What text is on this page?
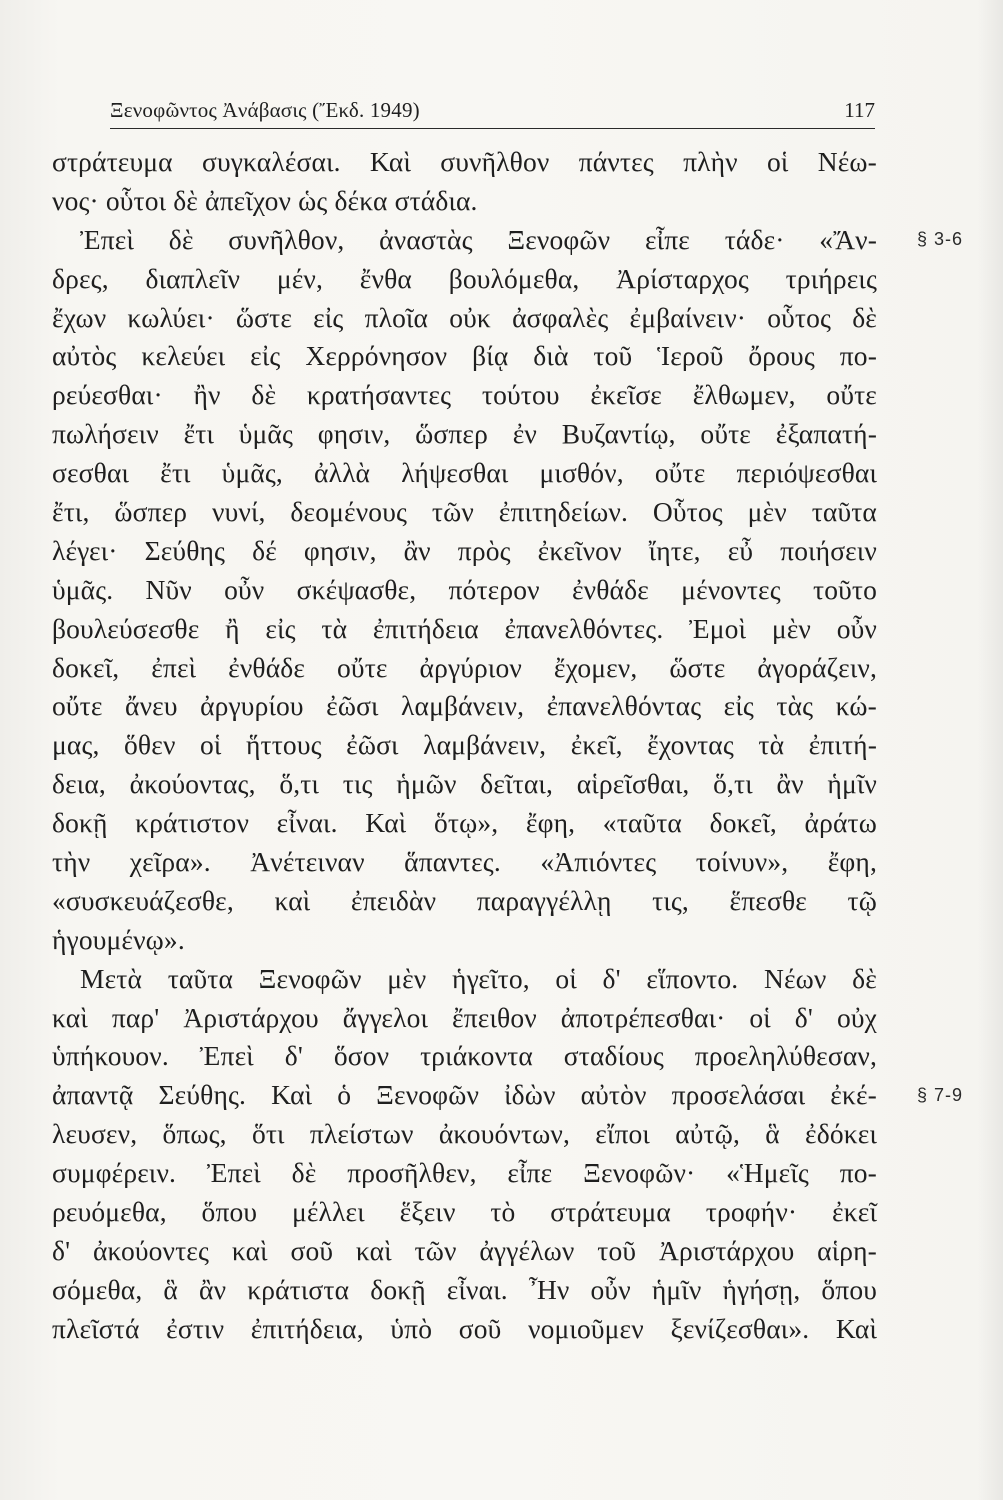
Ξενοφῶντος Ἀνάβασις (Ἔκδ. 1949)	117
στράτευμα συγκαλέσαι. Καὶ συνῆλθον πάντες πλὴν οἱ Νέω-
νος· οὗτοι δὲ ἀπεῖχον ὡς δέκα στάδια.
Ἐπεὶ δὲ συνῆλθον, ἀναστὰς Ξενοφῶν εἶπε τάδε· «Ἄν-
δρες, διαπλεῖν μέν, ἔνθα βουλόμεθα, Ἀρίσταρχος τριήρεις
ἔχων κωλύει· ὥστε εἰς πλοῖα οὐκ ἀσφαλὲς ἐμβαίνειν· οὗτος δὲ
αὐτὸς κελεύει εἰς Χερρόνησον βίᾳ διὰ τοῦ Ἱεροῦ ὄρους πο-
ρεύεσθαι· ἢν δὲ κρατήσαντες τούτου ἐκεῖσε ἔλθωμεν, οὔτε
πωλήσειν ἔτι ὑμᾶς φησιν, ὥσπερ ἐν Βυζαντίῳ, οὔτε ἐξαπατή-
σεσθαι ἔτι ὑμᾶς, ἀλλὰ λήψεσθαι μισθόν, οὔτε περιόψεσθαι
ἔτι, ὥσπερ νυνί, δεομένους τῶν ἐπιτηδείων. Οὗτος μὲν ταῦτα
λέγει· Σεύθης δέ φησιν, ἂν πρὸς ἐκεῖνον ἴητε, εὖ ποιήσειν
ὑμᾶς. Νῦν οὖν σκέψασθε, πότερον ἐνθάδε μένοντες τοῦτο
βουλεύσεσθε ἢ εἰς τὰ ἐπιτήδεια ἐπανελθόντες. Ἐμοὶ μὲν οὖν
δοκεῖ, ἐπεὶ ἐνθάδε οὔτε ἀργύριον ἔχομεν, ὥστε ἀγοράζειν,
οὔτε ἄνευ ἀργυρίου ἐῶσι λαμβάνειν, ἐπανελθόντας εἰς τὰς κώ-
μας, ὅθεν οἱ ἥττους ἐῶσι λαμβάνειν, ἐκεῖ, ἔχοντας τὰ ἐπιτή-
δεια, ἀκούοντας, ὅ,τι τις ἡμῶν δεῖται, αἱρεῖσθαι, ὅ,τι ἂν ἡμῖν
δοκῇ κράτιστον εἶναι. Καὶ ὅτῳ», ἔφη, «ταῦτα δοκεῖ, ἀράτω
τὴν χεῖρα». Ἀνέτειναν ἅπαντες. «Ἀπιόντες τοίνυν», ἔφη,
«συσκευάζεσθε, καὶ ἐπειδὰν παραγγέλλῃ τις, ἕπεσθε τῷ
ἡγουμένῳ».
Μετὰ ταῦτα Ξενοφῶν μὲν ἡγεῖτο, οἱ δ' εἵποντο. Νέων δὲ
καὶ παρ' Ἀριστάρχου ἄγγελοι ἔπειθον ἀποτρέπεσθαι· οἱ δ' οὐχ
ὑπήκουον. Ἐπεὶ δ' ὅσον τριάκοντα σταδίους προεληλύθεσαν,
ἀπαντᾷ Σεύθης. Καὶ ὁ Ξενοφῶν ἰδὼν αὐτὸν προσελάσαι ἐκέ-
λευσεν, ὅπως, ὅτι πλείστων ἀκουόντων, εἴποι αὐτῷ, ἃ ἐδόκει
συμφέρειν. Ἐπεὶ δὲ προσῆλθεν, εἶπε Ξενοφῶν· «Ἡμεῖς πο-
ρευόμεθα, ὅπου μέλλει ἕξειν τὸ στράτευμα τροφήν· ἐκεῖ
δ' ἀκούοντες καὶ σοῦ καὶ τῶν ἀγγέλων τοῦ Ἀριστάρχου αἱρη-
σόμεθα, ἃ ἂν κράτιστα δοκῇ εἶναι. Ἦν οὖν ἡμῖν ἡγήσῃ, ὅπου
πλεῖστά ἐστιν ἐπιτήδεια, ὑπὸ σοῦ νομιοῦμεν ξενίζεσθαι». Καὶ
§ 3-6
§ 7-9
